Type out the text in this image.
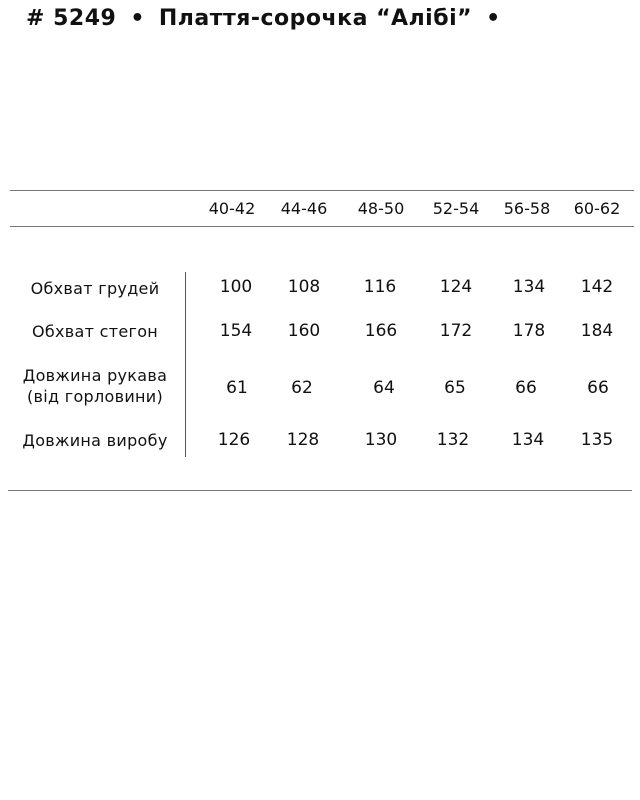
# 5249 • Плаття-сорочка “Алібі” •
40-42	44-46	48-50	52-54	56-58	60-62
Обхват грудей	100	108	116	124	134	142
Обхват стегон	154	160	166	172	178	184
Довжина рукава
(від горловини)	61	62	64	65	66	66
Довжина виробу	126	128	130	132	134	135
